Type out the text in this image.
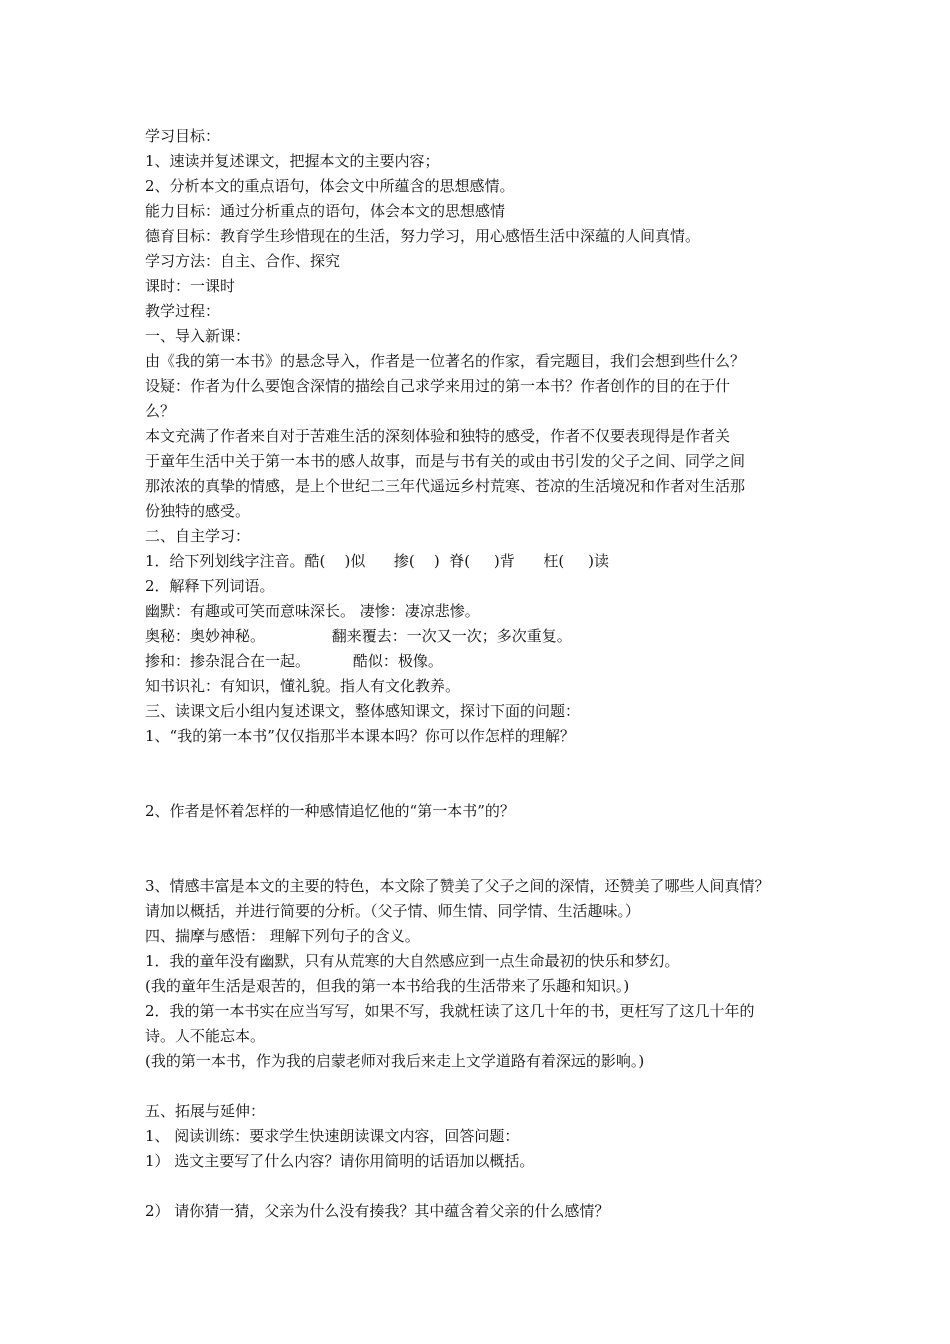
学习目标：
1、速读并复述课文，把握本文的主要内容；
2、分析本文的重点语句，体会文中所蕴含的思想感情。
能力目标：通过分析重点的语句，体会本文的思想感情
德育目标：教育学生珍惜现在的生活，努力学习，用心感悟生活中深蕴的人间真情。
学习方法：自主、合作、探究
课时：一课时
教学过程：
一、导入新课：
由《我的第一本书》的悬念导入，作者是一位著名的作家，看完题目，我们会想到些什么？
设疑：作者为什么要饱含深情的描绘自己求学来用过的第一本书？作者创作的目的在于什
么？
本文充满了作者来自对于苦难生活的深刻体验和独特的感受，作者不仅要表现得是作者关
于童年生活中关于第一本书的感人故事，而是与书有关的或由书引发的父子之间、同学之间
那浓浓的真挚的情感，是上个世纪二三年代遥远乡村荒寒、苍凉的生活境况和作者对生活那
份独特的感受。
二、自主学习：
1．给下列划线字注音。酷(    )似      掺(    )  脊(     )背      枉(     )读
2．解释下列词语。
幽默：有趣或可笑而意味深长。 凄惨：凄凉悲惨。
奥秘：奥妙神秘。              翻来覆去：一次又一次；多次重复。
掺和：掺杂混合在一起。         酷似：极像。
知书识礼：有知识，懂礼貌。指人有文化教养。
三、读课文后小组内复述课文，整体感知课文，探讨下面的问题：
1、“我的第一本书”仅仅指那半本课本吗？你可以作怎样的理解？
2、作者是怀着怎样的一种感情追忆他的“第一本书”的？
3、情感丰富是本文的主要的特色，本文除了赞美了父子之间的深情，还赞美了哪些人间真情？
请加以概括，并进行简要的分析。（父子情、师生情、同学情、生活趣味。）
四、揣摩与感悟： 理解下列句子的含义。
1．我的童年没有幽默，只有从荒寒的大自然感应到一点生命最初的快乐和梦幻。
(我的童年生活是艰苦的，但我的第一本书给我的生活带来了乐趣和知识。)
2．我的第一本书实在应当写写，如果不写，我就枉读了这几十年的书，更枉写了这几十年的
诗。人不能忘本。
(我的第一本书，作为我的启蒙老师对我后来走上文学道路有着深远的影响。)
五、拓展与延伸：
1、 阅读训练：要求学生快速朗读课文内容，回答问题：
1） 选文主要写了什么内容？请你用简明的话语加以概括。
2） 请你猜一猜，父亲为什么没有揍我？其中蕴含着父亲的什么感情？
